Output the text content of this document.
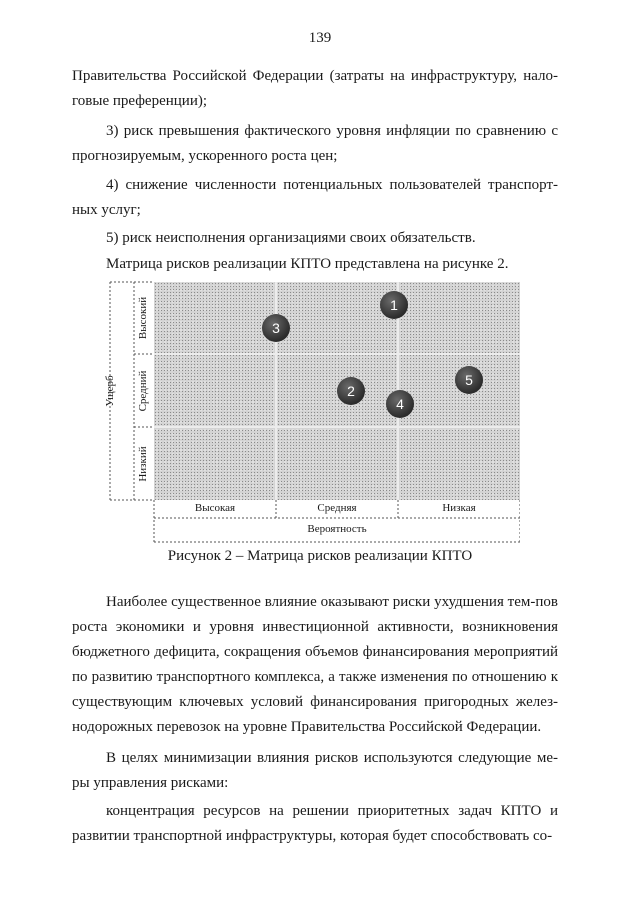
139
Правительства Российской Федерации (затраты на инфраструктуру, нало-
говые преференции);
3) риск превышения фактического уровня инфляции по сравнению с
прогнозируемым, ускоренного роста цен;
4) снижение численности потенциальных пользователей транспорт-
ных услуг;
5) риск неисполнения организациями своих обязательств.
Матрица рисков реализации КПТО представлена на рисунке 2.
1
3
2
4
5
Ущерб
Высокий
Средний
Низкий
Высокая	Средняя	Низкая
Вероятность
Рисунок 2 – Матрица рисков реализации КПТО
Наиболее существенное влияние оказывают риски ухудшения тем-пов роста экономики и уровня инвестиционной активности, возникновения бюджетного дефицита, сокращения объемов финансирования мероприятий по развитию транспортного комплекса, а также изменения по отношению к существующим ключевых условий финансирования пригородных желез-нодорожных перевозок на уровне Правительства Российской Федерации.
В целях минимизации влияния рисков используются следующие ме-ры управления рисками:
концентрация ресурсов на решении приоритетных задач КПТО и развитии транспортной инфраструктуры, которая будет способствовать со-
